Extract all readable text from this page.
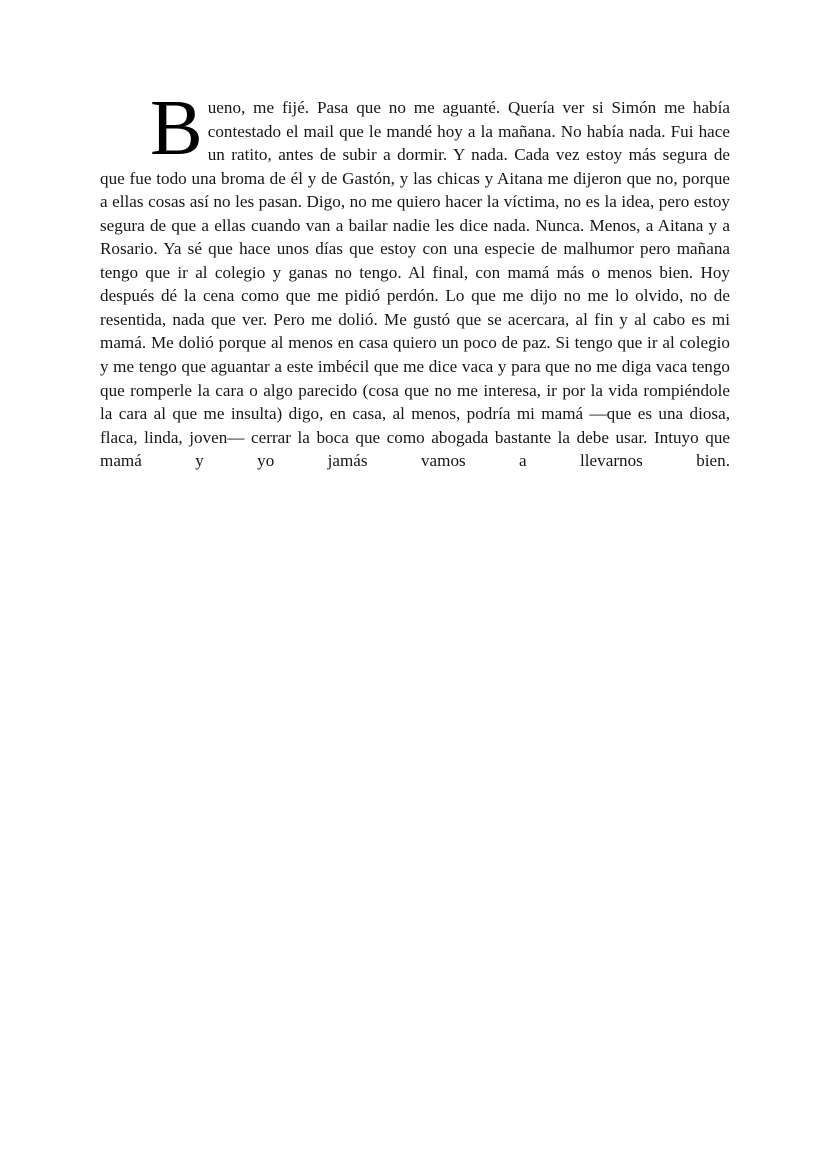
Bueno, me fijé. Pasa que no me aguanté. Quería ver si Simón me había contestado el mail que le mandé hoy a la mañana. No había nada. Fui hace un ratito, antes de subir a dormir. Y nada. Cada vez estoy más segura de que fue todo una broma de él y de Gastón, y las chicas y Aitana me dijeron que no, porque a ellas cosas así no les pasan. Digo, no me quiero hacer la víctima, no es la idea, pero estoy segura de que a ellas cuando van a bailar nadie les dice nada. Nunca. Menos, a Aitana y a Rosario. Ya sé que hace unos días que estoy con una especie de malhumor pero mañana tengo que ir al colegio y ganas no tengo. Al final, con mamá más o menos bien. Hoy después dé la cena como que me pidió perdón. Lo que me dijo no me lo olvido, no de resentida, nada que ver. Pero me dolió. Me gustó que se acercara, al fin y al cabo es mi mamá. Me dolió porque al menos en casa quiero un poco de paz. Si tengo que ir al colegio y me tengo que aguantar a este imbécil que me dice vaca y para que no me diga vaca tengo que romperle la cara o algo parecido (cosa que no me interesa, ir por la vida rompiéndole la cara al que me insulta) digo, en casa, al menos, podría mi mamá —que es una diosa, flaca, linda, joven— cerrar la boca que como abogada bastante la debe usar. Intuyo que mamá y yo jamás vamos a llevarnos bien.
